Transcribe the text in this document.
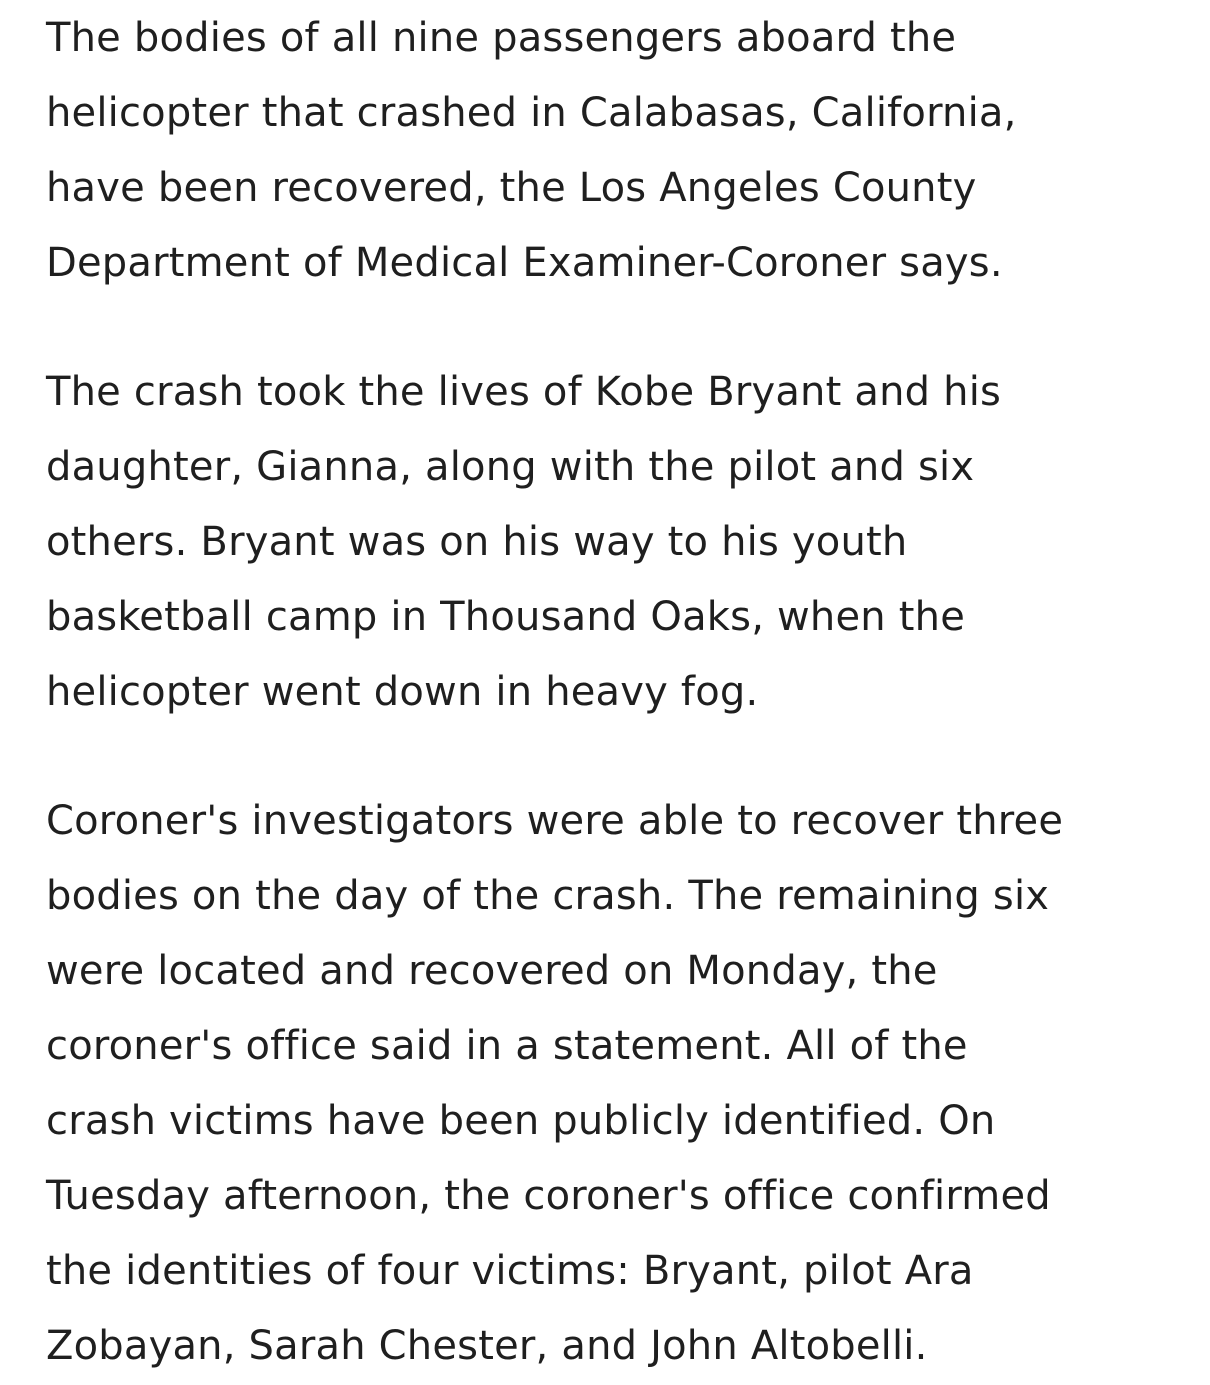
The bodies of all nine passengers aboard the
helicopter that crashed in Calabasas, California,
have been recovered, the Los Angeles County
Department of Medical Examiner-Coroner says.

The crash took the lives of Kobe Bryant and his
daughter, Gianna, along with the pilot and six
others. Bryant was on his way to his youth
basketball camp in Thousand Oaks, when the
helicopter went down in heavy fog.

Coroner's investigators were able to recover three
bodies on the day of the crash. The remaining six
were located and recovered on Monday, the
coroner's office said in a statement. All of the
crash victims have been publicly identified. On
Tuesday afternoon, the coroner's office confirmed
the identities of four victims: Bryant, pilot Ara
Zobayan, Sarah Chester, and John Altobelli.
